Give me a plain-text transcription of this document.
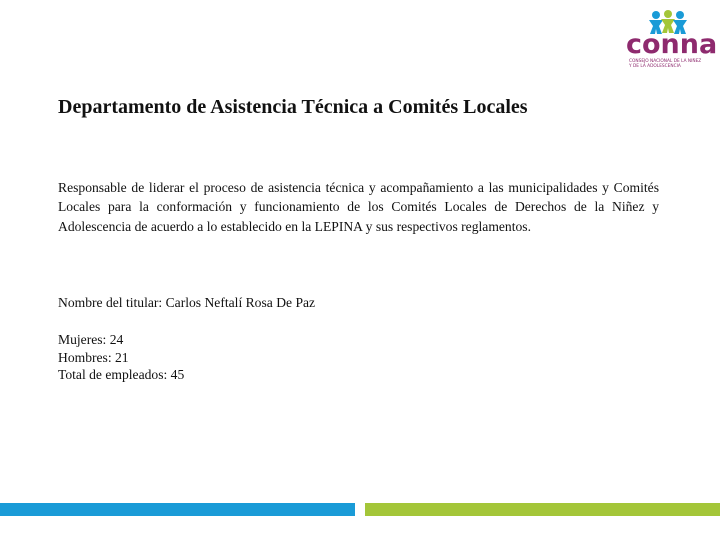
conna
CONSEJO NACIONAL DE LA NIÑEZ
Y DE LA ADOLESCENCIA
Departamento de Asistencia Técnica a Comités Locales

Responsable de liderar el proceso de asistencia técnica y acompañamiento a las municipalidades y Comités Locales para la conformación y funcionamiento de los Comités Locales de Derechos de la Niñez y Adolescencia de acuerdo a lo establecido en la LEPINA y sus respectivos reglamentos.

Nombre del titular: Carlos Neftalí Rosa De Paz
Mujeres: 24
Hombres: 21
Total de empleados: 45
